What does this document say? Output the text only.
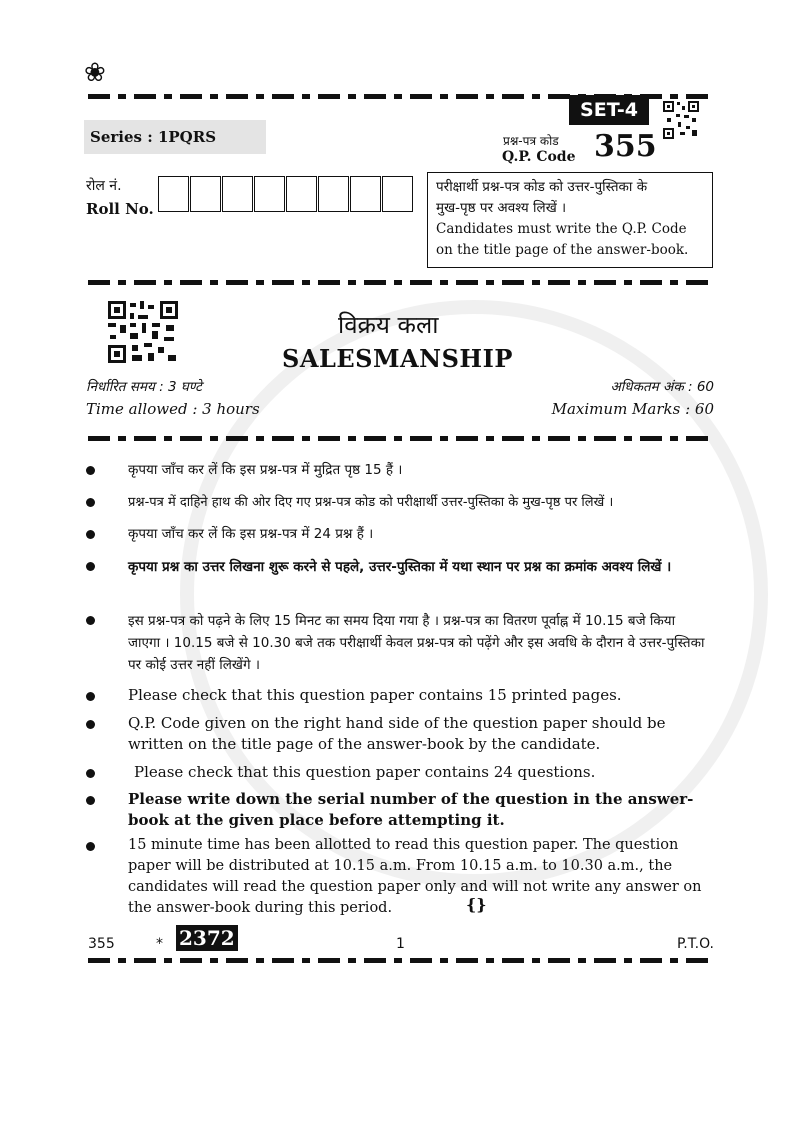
❀
SET-4
Series : 1PQRS	प्रश्न-पत्र कोड
Q.P. Code 355
रोल नं.
Roll No.
परीक्षार्थी प्रश्न-पत्र कोड को उत्तर-पुस्तिका के
मुख-पृष्ठ पर अवश्य लिखें ।
Candidates must write the Q.P. Code
on the title page of the answer-book.
विक्रय कला
SALESMANSHIP
निर्धारित समय : 3 घण्टे
Time allowed : 3 hours
अधिकतम अंक : 60
Maximum Marks : 60
कृपया जाँच कर लें कि इस प्रश्न-पत्र में मुद्रित पृष्ठ 15 हैं ।
प्रश्न-पत्र में दाहिने हाथ की ओर दिए गए प्रश्न-पत्र कोड को परीक्षार्थी उत्तर-पुस्तिका के मुख-पृष्ठ पर लिखें ।
कृपया जाँच कर लें कि इस प्रश्न-पत्र में 24 प्रश्न हैं ।
कृपया प्रश्न का उत्तर लिखना शुरू करने से पहले, उत्तर-पुस्तिका में यथा स्थान पर प्रश्न का क्रमांक अवश्य लिखें ।
इस प्रश्न-पत्र को पढ़ने के लिए 15 मिनट का समय दिया गया है । प्रश्न-पत्र का वितरण पूर्वाह्न में 10.15 बजे किया जाएगा । 10.15 बजे से 10.30 बजे तक परीक्षार्थी केवल प्रश्न-पत्र को पढ़ेंगे और इस अवधि के दौरान वे उत्तर-पुस्तिका पर कोई उत्तर नहीं लिखेंगे ।
Please check that this question paper contains 15 printed pages.
Q.P. Code given on the right hand side of the question paper should be written on the title page of the answer-book by the candidate.
Please check that this question paper contains 24 questions.
Please write down the serial number of the question in the answer-book at the given place before attempting it.
15 minute time has been allotted to read this question paper. The question paper will be distributed at 10.15 a.m. From 10.15 a.m. to 10.30 a.m., the candidates will read the question paper only and will not write any answer on the answer-book during this period.	{}
355	* 2372	1	P.T.O.
